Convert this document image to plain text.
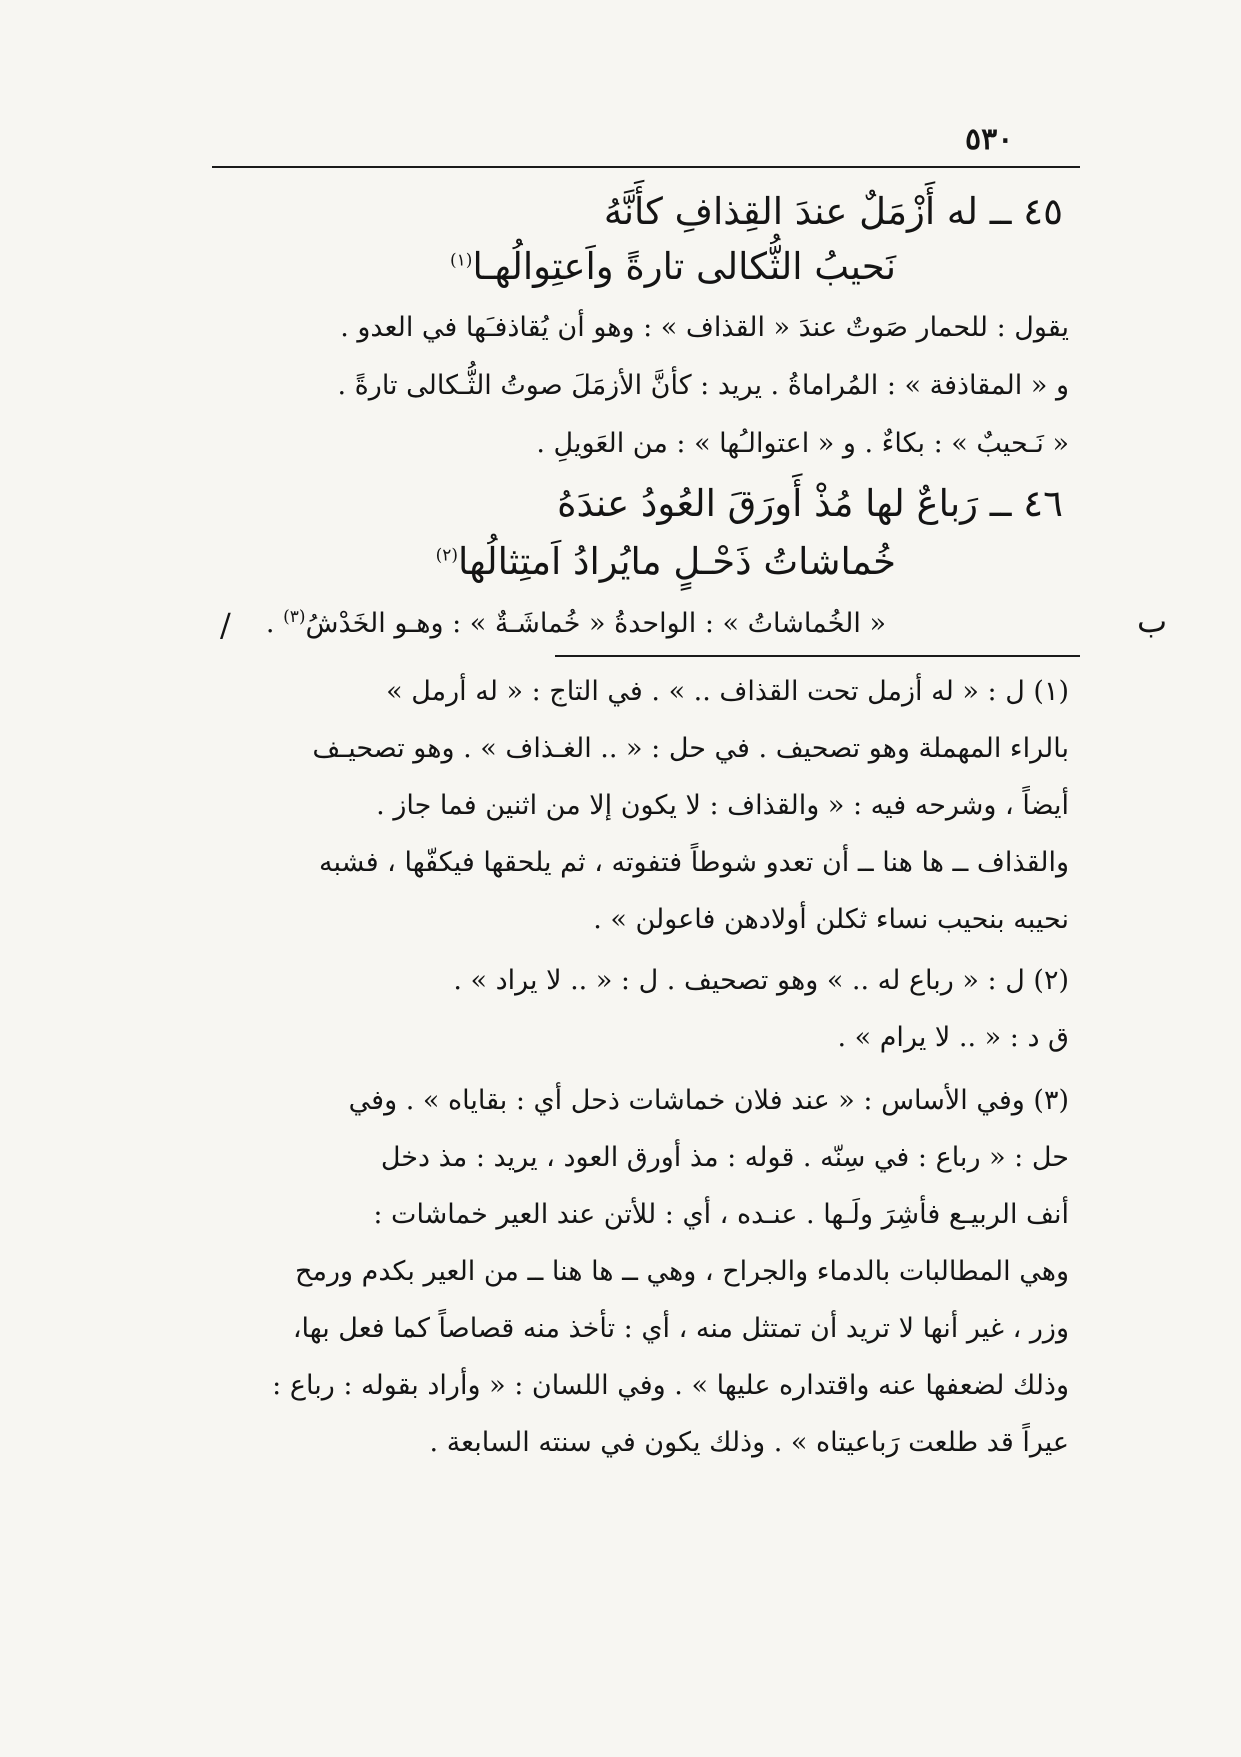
٥٣٠
٤٥ ــ له أَزْمَلٌ عندَ القِذافِ كأَنَّهُ
نَحيبُ الثُّكالى تارةً واَعتِوالُهـا$^{(١)}$
يقول : للحمار صَوتٌ عندَ « القذاف » : وهو أن يُقاذفـَها في العدو .
و « المقاذفة » : المُراماةُ . يريد : كأنَّ الأزمَلَ صوتُ الثُّـكالى تارةً .
« نَـحيبٌ » : بكاءٌ . و « اعتوالـُها » : من العَويلِ .
٤٦ ــ رَباعٌ لها مُذْ أَورَقَ العُودُ عندَهُ
خُماشاتُ ذَحْـلٍ مايُرادُ اَمتِثالُها$^{(٢)}$
« الخُماشاتُ » : الواحدةُ « خُماشَـةٌ » : وهـو الخَدْشُ$^{(٣)}$ .
/	ب
(١) ل : « له أزمل تحت القذاف .. » . في التاج : « له أرمل »
بالراء المهملة وهو تصحيف . في حل : « .. الغـذاف » . وهو تصحيـف
أيضاً ، وشرحه فيه : « والقذاف : لا يكون إلا من اثنين فما جاز .
والقذاف ــ ها هنا ــ أن تعدو شوطاً فتفوته ، ثم يلحقها فيكفّها ، فشبه
نحيبه بنحيب نساء ثكلن أولادهن فاعولن » .
(٢) ل : « رباع له .. » وهو تصحيف . ل : « .. لا يراد » .
ق د : « .. لا يرام » .
(٣) وفي الأساس : « عند فلان خماشات ذحل أي : بقاياه » . وفي
حل : « رباع : في سِنّه . قوله : مذ أورق العود ، يريد : مذ دخل
أنف الربيـع فأشِرَ ولَـها . عنـده ، أي : للأتن عند العير خماشات :
وهي المطالبات بالدماء والجراح ، وهي ــ ها هنا ــ من العير بكدم ورمح
وزر ، غير أنها لا تريد أن تمتثل منه ، أي : تأخذ منه قصاصاً كما فعل بها،
وذلك لضعفها عنه واقتداره عليها » . وفي اللسان : « وأراد بقوله : رباع :
عيراً قد طلعت رَباعيتاه » . وذلك يكون في سنته السابعة .
